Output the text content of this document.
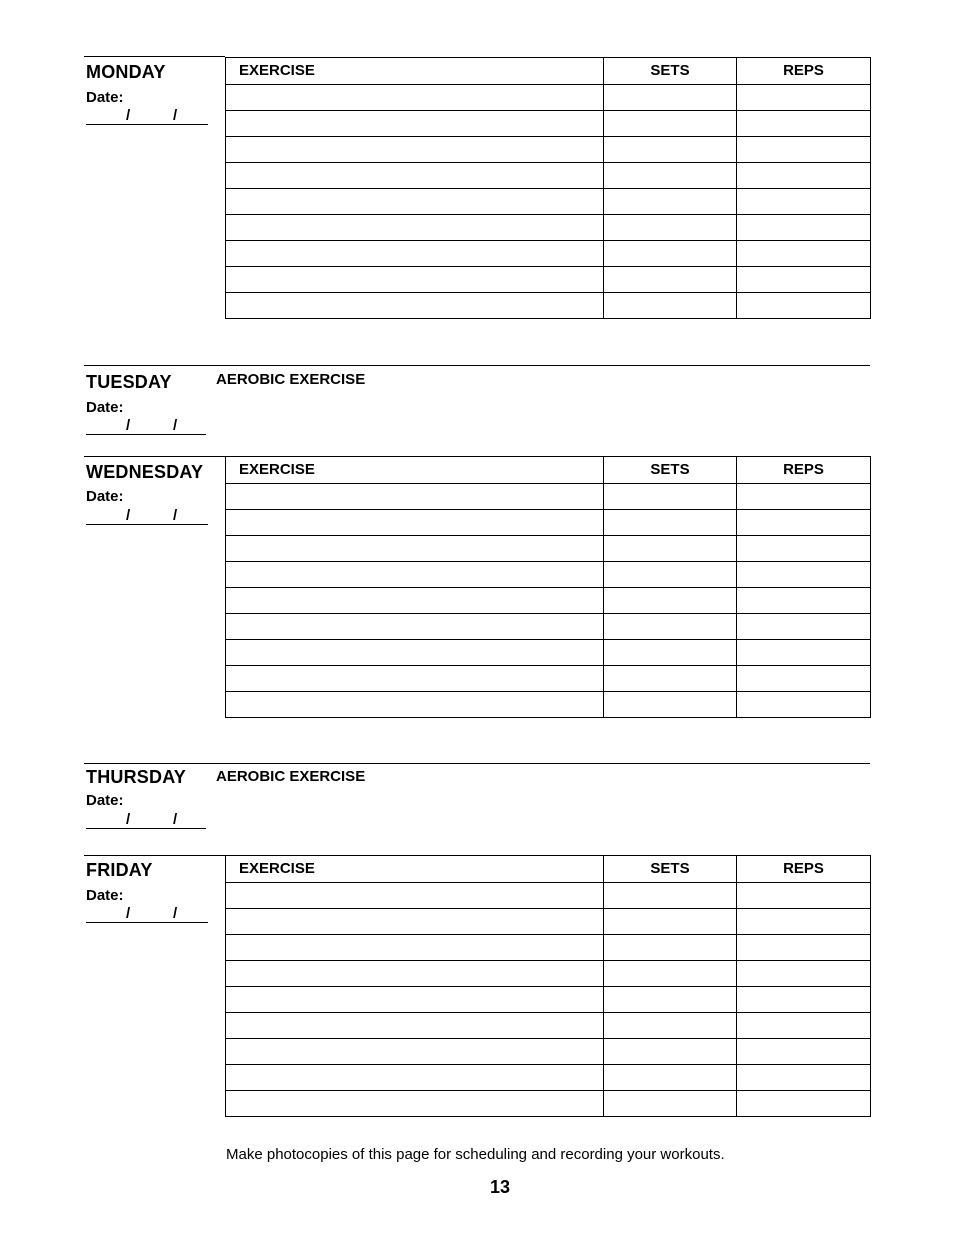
MONDAY
Date:
/	/
EXERCISE	SETS	REPS

TUESDAY	AEROBIC EXERCISE
Date:
/	/
WEDNESDAY
Date:
/	/
EXERCISE	SETS	REPS

THURSDAY AEROBIC EXERCISE
Date:
/	/
FRIDAY
Date:
/	/
EXERCISE	SETS	REPS

Make photocopies of this page for scheduling and recording your workouts.
13
